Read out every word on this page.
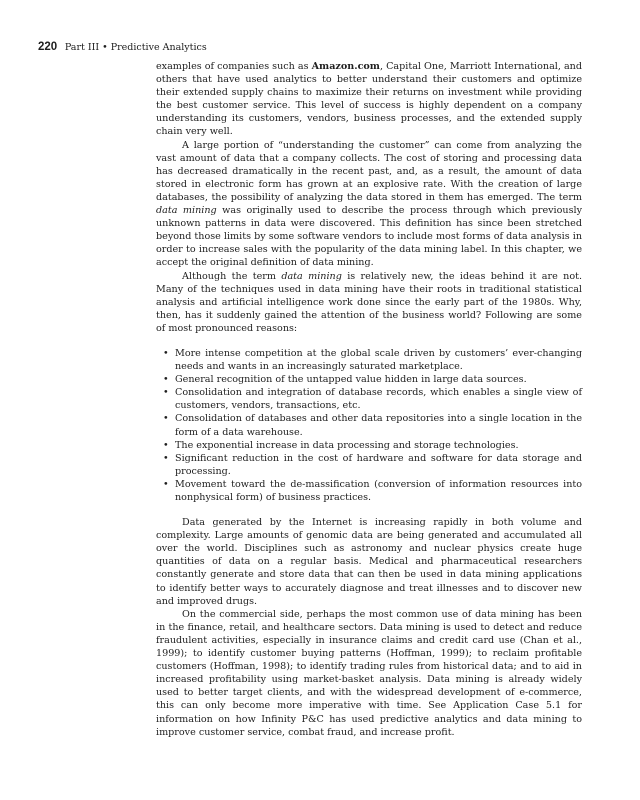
220 Part III • Predictive Analytics

examples of companies such as Amazon.com, Capital One, Marriott International, and others that have used analytics to better understand their customers and optimize their extended supply chains to maximize their returns on investment while providing the best customer service. This level of success is highly dependent on a company understanding its customers, vendors, business processes, and the extended supply chain very well.

A large portion of “understanding the customer” can come from analyzing the vast amount of data that a company collects. The cost of storing and processing data has decreased dramatically in the recent past, and, as a result, the amount of data stored in electronic form has grown at an explosive rate. With the creation of large databases, the possibility of analyzing the data stored in them has emerged. The term data mining was originally used to describe the process through which previously unknown patterns in data were discovered. This definition has since been stretched beyond those limits by some software vendors to include most forms of data analysis in order to increase sales with the popularity of the data mining label. In this chapter, we accept the original definition of data mining.

Although the term data mining is relatively new, the ideas behind it are not. Many of the techniques used in data mining have their roots in traditional statistical analysis and artificial intelligence work done since the early part of the 1980s. Why, then, has it suddenly gained the attention of the business world? Following are some of most pronounced reasons:

• More intense competition at the global scale driven by customers’ ever-changing needs and wants in an increasingly saturated marketplace.
• General recognition of the untapped value hidden in large data sources.
• Consolidation and integration of database records, which enables a single view of customers, vendors, transactions, etc.
• Consolidation of databases and other data repositories into a single location in the form of a data warehouse.
• The exponential increase in data processing and storage technologies.
• Significant reduction in the cost of hardware and software for data storage and processing.
• Movement toward the de-massification (conversion of information resources into nonphysical form) of business practices.

Data generated by the Internet is increasing rapidly in both volume and complexity. Large amounts of genomic data are being generated and accumulated all over the world. Disciplines such as astronomy and nuclear physics create huge quantities of data on a regular basis. Medical and pharmaceutical researchers constantly generate and store data that can then be used in data mining applications to identify better ways to accurately diagnose and treat illnesses and to discover new and improved drugs.

On the commercial side, perhaps the most common use of data mining has been in the finance, retail, and healthcare sectors. Data mining is used to detect and reduce fraudulent activities, especially in insurance claims and credit card use (Chan et al., 1999); to identify customer buying patterns (Hoffman, 1999); to reclaim profitable customers (Hoffman, 1998); to identify trading rules from historical data; and to aid in increased profitability using market-basket analysis. Data mining is already widely used to better target clients, and with the widespread development of e-commerce, this can only become more imperative with time. See Application Case 5.1 for information on how Infinity P&C has used predictive analytics and data mining to improve customer service, combat fraud, and increase profit.
